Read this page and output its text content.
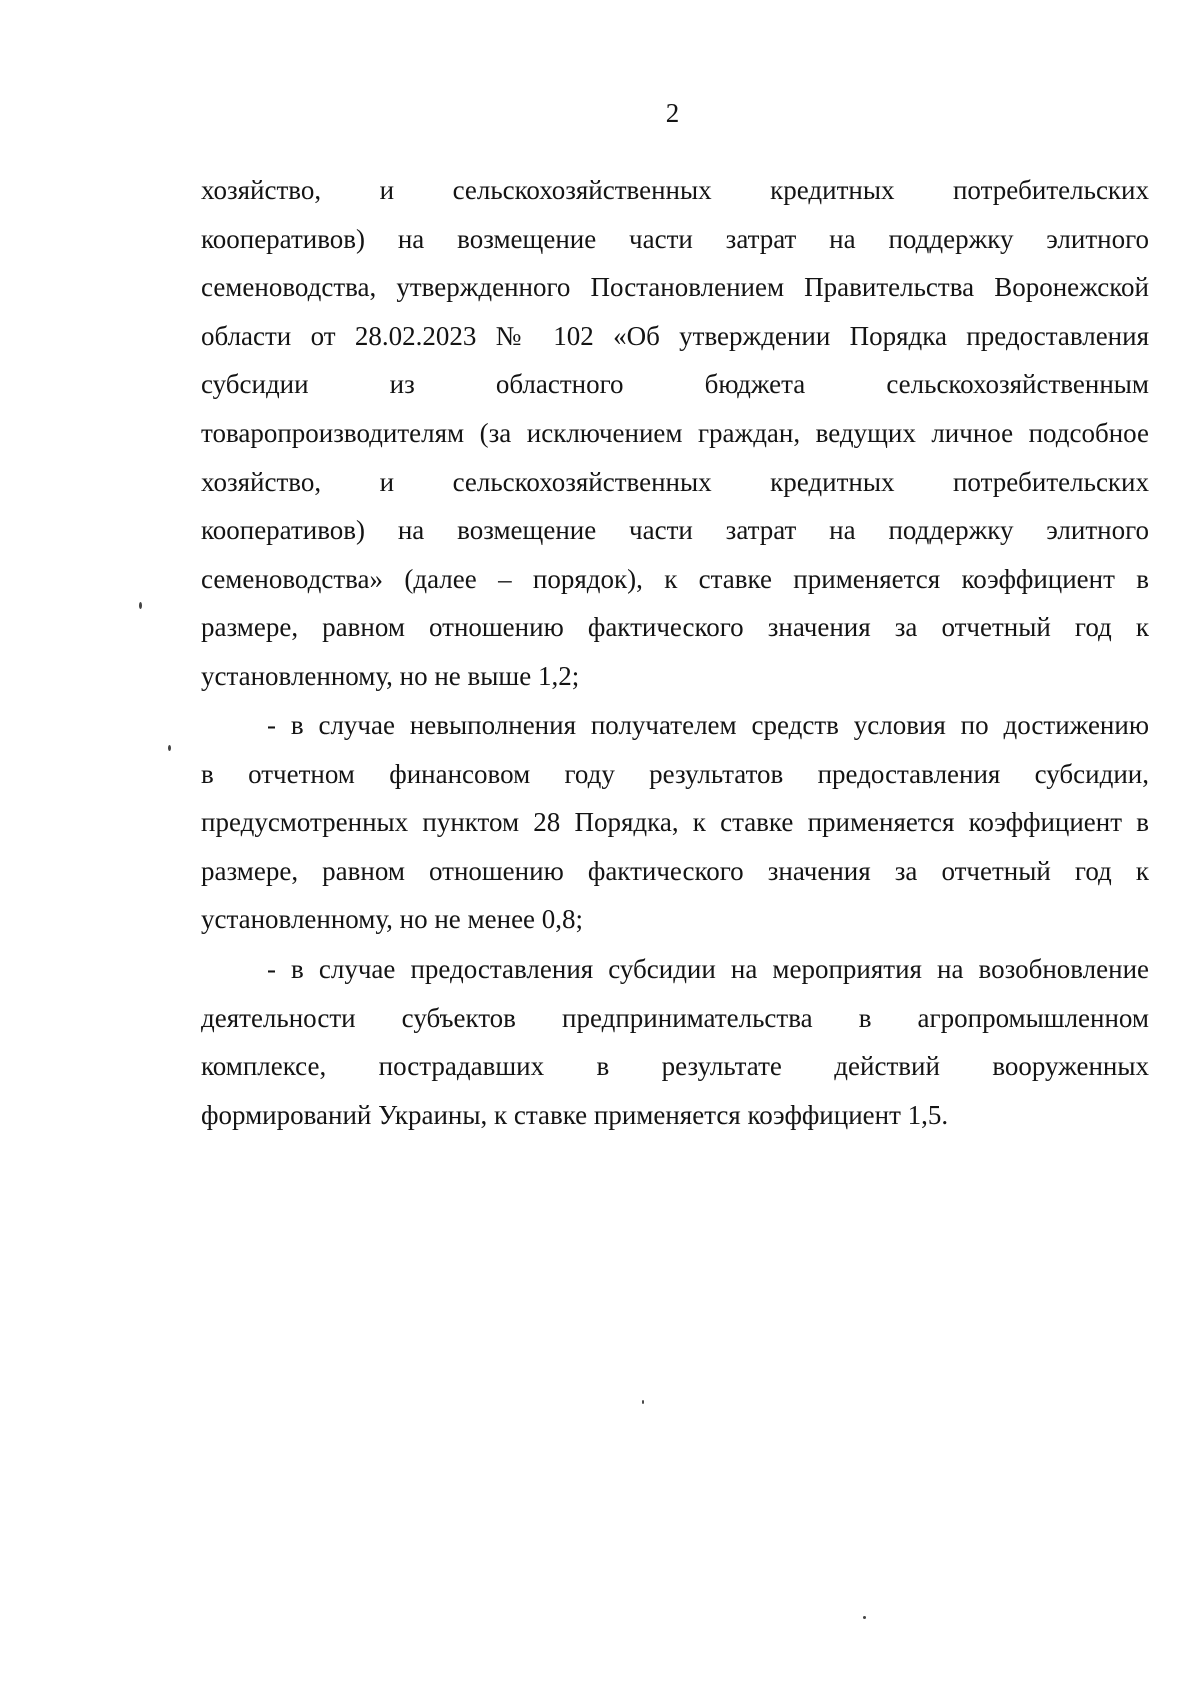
2

хозяйство, и сельскохозяйственных кредитных потребительских
кооперативов) на возмещение части затрат на поддержку элитного
семеноводства, утвержденного Постановлением Правительства Воронежской
области от 28.02.2023 № 102 «Об утверждении Порядка предоставления
субсидии из областного бюджета сельскохозяйственным
товаропроизводителям (за исключением граждан, ведущих личное подсобное
хозяйство, и сельскохозяйственных кредитных потребительских
кооперативов) на возмещение части затрат на поддержку элитного
семеноводства» (далее – порядок), к ставке применяется коэффициент в
размере, равном отношению фактического значения за отчетный год к
установленному, но не выше 1,2;

- в случае невыполнения получателем средств условия по достижению
в отчетном финансовом году результатов предоставления субсидии,
предусмотренных пунктом 28 Порядка, к ставке применяется коэффициент в
размере, равном отношению фактического значения за отчетный год к
установленному, но не менее 0,8;

- в случае предоставления субсидии на мероприятия на возобновление
деятельности субъектов предпринимательства в агропромышленном
комплексе, пострадавших в результате действий вооруженных
формирований Украины, к ставке применяется коэффициент 1,5.
